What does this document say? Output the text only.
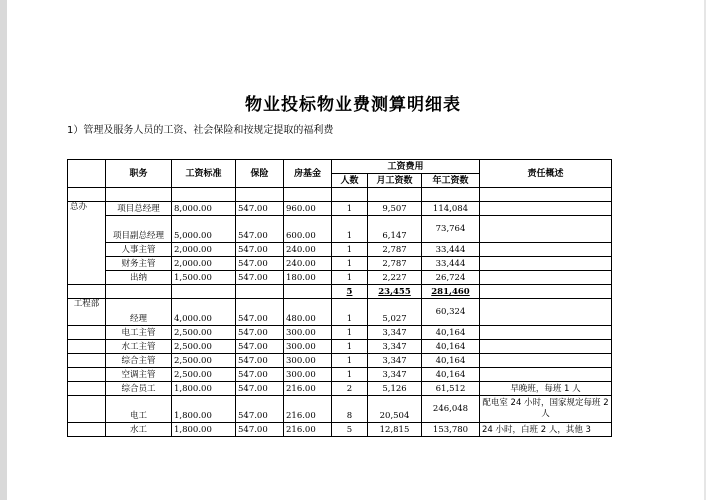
物业投标物业费测算明细表
1）管理及服务人员的工资、社会保险和按规定提取的福利费
	职务	工资标准	保险	房基金	工资费用			责任概述
					人数	月工资数	年工资数	

总办	项目总经理	8,000.00	547.00	960.00	1	9,507	114,084	
	项目副总经理	5,000.00	547.00	600.00	1	6,147	73,764	
	人事主管	2,000.00	547.00	240.00	1	2,787	33,444	
	财务主管	2,000.00	547.00	240.00	1	2,787	33,444	
	出纳	1,500.00	547.00	180.00	1	2,227	26,724	
					5	23,455	281,460	
工程部	经理	4,000.00	547.00	480.00	1	5,027	60,324	
	电工主管	2,500.00	547.00	300.00	1	3,347	40,164	
	水工主管	2,500.00	547.00	300.00	1	3,347	40,164	
	综合主管	2,500.00	547.00	300.00	1	3,347	40,164	
	空调主管	2,500.00	547.00	300.00	1	3,347	40,164	
	综合员工	1,800.00	547.00	216.00	2	5,126	61,512	早晚班，每班 1 人
	电工	1,800.00	547.00	216.00	8	20,504	246,048	配电室 24 小时，国家规定每班 2 人
	水工	1,800.00	547.00	216.00	5	12,815	153,780	24 小时，白班 2 人，其他 3
